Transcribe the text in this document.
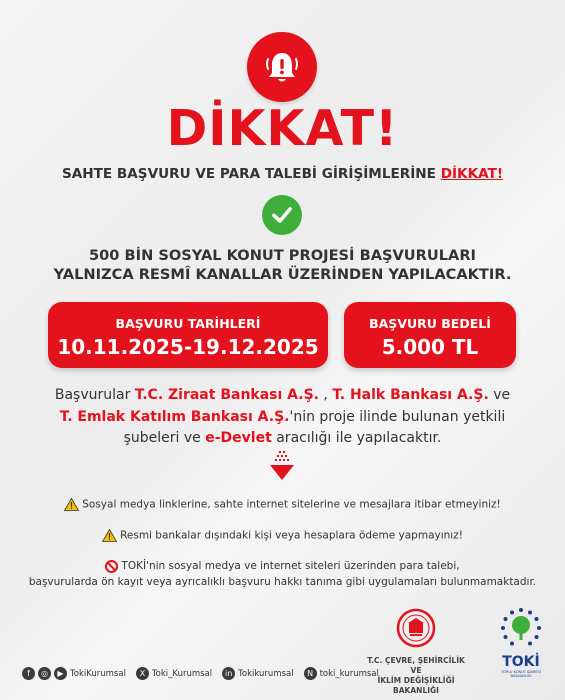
DİKKAT!
SAHTE BAŞVURU VE PARA TALEBİ GİRİŞİMLERİNE DİKKAT!
500 BİN SOSYAL KONUT PROJESİ BAŞVURULARI
YALNIZCA RESMÎ KANALLAR ÜZERİNDEN YAPILACAKTIR.
BAŞVURU TARİHLERİ
10.11.2025-19.12.2025
BAŞVURU BEDELİ
5.000 TL
Başvurular T.C. Ziraat Bankası A.Ş. , T. Halk Bankası A.Ş. ve
T. Emlak Katılım Bankası A.Ş.'nin proje ilinde bulunan yetkili
şubeleri ve e-Devlet aracılığı ile yapılacaktır.
Sosyal medya linklerine, sahte internet sitelerine ve mesajlara itibar etmeyiniz!
Resmi bankalar dışındaki kişi veya hesaplara ödeme yapmayınız!
TOKİ'nin sosyal medya ve internet siteleri üzerinden para talebi,
başvurularda ön kayıt veya ayrıcalıklı başvuru hakkı tanıma gibi uygulamaları bulunmamaktadır.
T.C. ÇEVRE, ŞEHİRCİLİK VE
İKLİM DEĞİŞİKLİĞİ BAKANLIĞI
TOKİ
TOPLU KONUT İDARESİ BAŞKANLIĞI
f	◎	▶ TokiKurumsal	X Toki_Kurumsal	in Tokikurumsal	N toki_kurumsal
